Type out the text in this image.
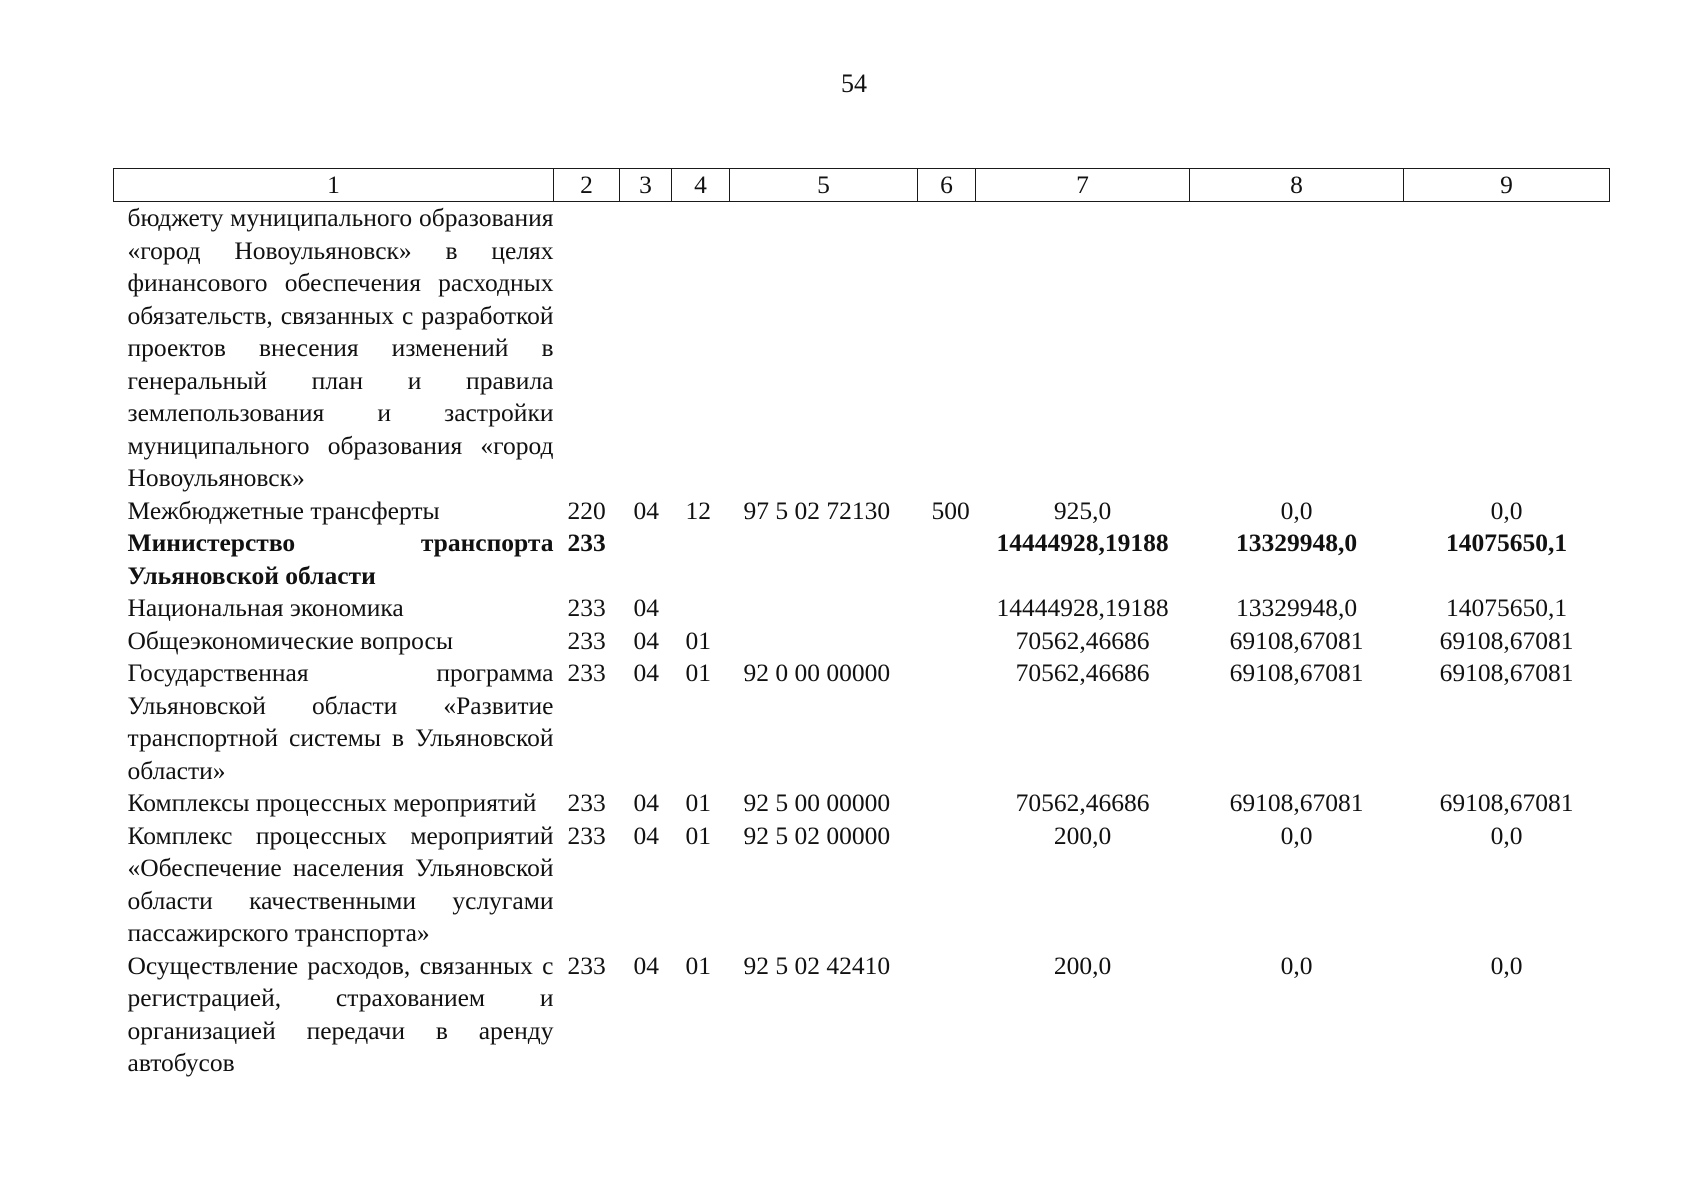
54
1	2	3	4	5	6	7	8	9
бюджету муниципального образования «город Новоульяновск» в целях финансового обеспечения расходных обязательств, связанных с разработкой проектов внесения изменений в генеральный план и правила землепользования и застройки муниципального образования «город Новоульяновск»								
Межбюджетные трансферты	220	04	12	97 5 02 72130	500	925,0	0,0	0,0
Министерство транспорта Ульяновской области	233					14444928,19188	13329948,0	14075650,1
Национальная экономика	233	04				14444928,19188	13329948,0	14075650,1
Общеэкономические вопросы	233	04	01			70562,46686	69108,67081	69108,67081
Государственная программа Ульяновской области «Развитие транспортной системы в Ульяновской области»	233	04	01	92 0 00 00000		70562,46686	69108,67081	69108,67081
Комплексы процессных мероприятий	233	04	01	92 5 00 00000		70562,46686	69108,67081	69108,67081
Комплекс процессных мероприятий «Обеспечение населения Ульяновской области качественными услугами пассажирского транспорта»	233	04	01	92 5 02 00000		200,0	0,0	0,0
Осуществление расходов, связанных с регистрацией, страхованием и организацией передачи в аренду автобусов	233	04	01	92 5 02 42410		200,0	0,0	0,0
